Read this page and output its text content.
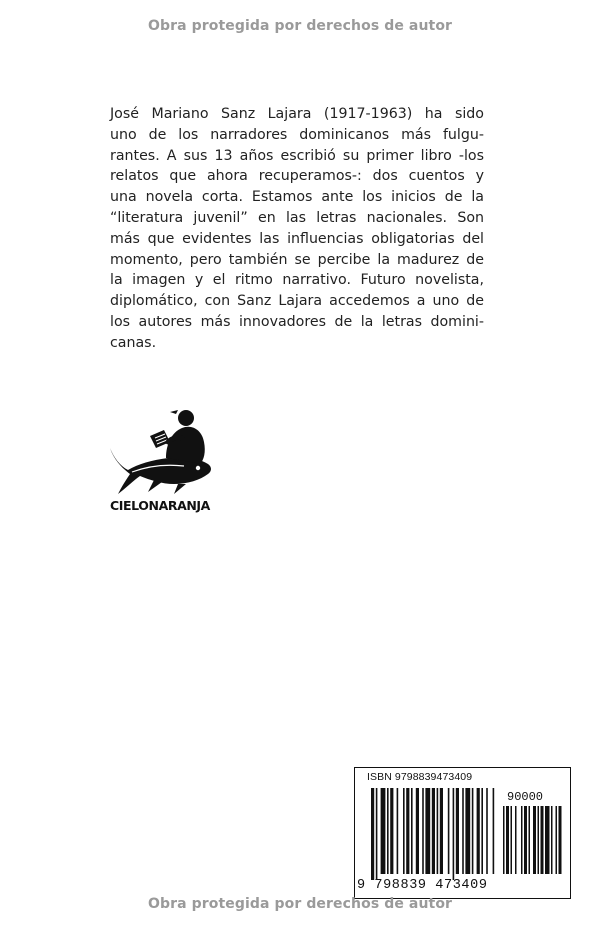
Obra protegida por derechos de autor
José Mariano Sanz Lajara (1917-1963) ha sido
uno de los narradores dominicanos más fulgu-
rantes. A sus 13 años escribió su primer libro -los
relatos que ahora recuperamos-: dos cuentos y
una novela corta. Estamos ante los inicios de la
“literatura juvenil” en las letras nacionales. Son
más que evidentes las influencias obligatorias del
momento, pero también se percibe la madurez de
la imagen y el ritmo narrativo. Futuro novelista,
diplomático, con Sanz Lajara accedemos a uno de
los autores más innovadores de la letras domini-
canas.
CIELONARANJA
ISBN 9798839473409
90000
9 798839 473409
Obra protegida por derechos de autor
